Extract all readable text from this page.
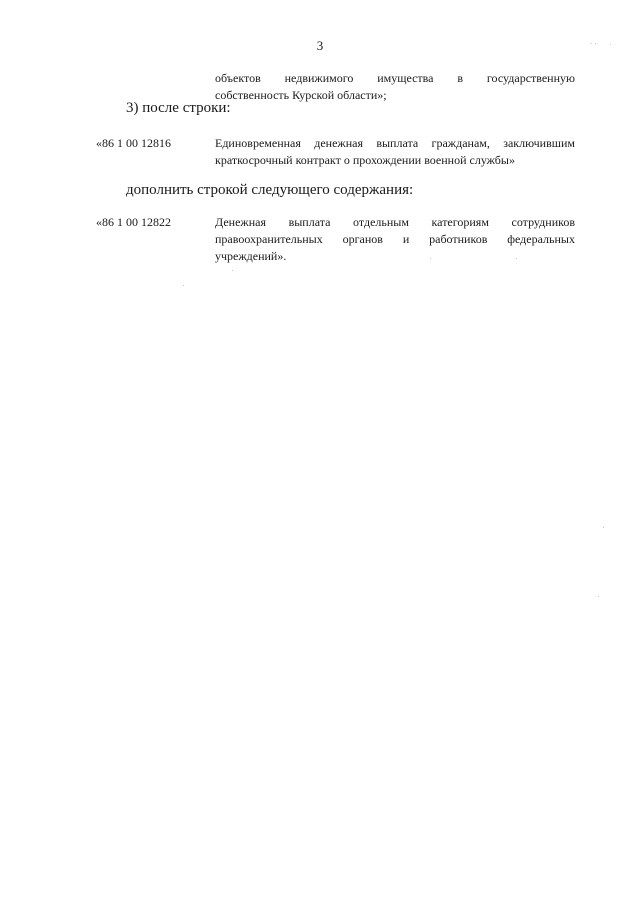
3	··
объектов недвижимого имущества в государственную
собственность Курской области»;
3) после строки:
«86 1 00 12816	Единовременная денежная выплата гражданам, заключившим
краткосрочный контракт о прохождении военной службы»
дополнить строкой следующего содержания:
«86 1 00 12822	Денежная выплата отдельным категориям сотрудников
правоохранительных органов и работников федеральных
учреждений».
